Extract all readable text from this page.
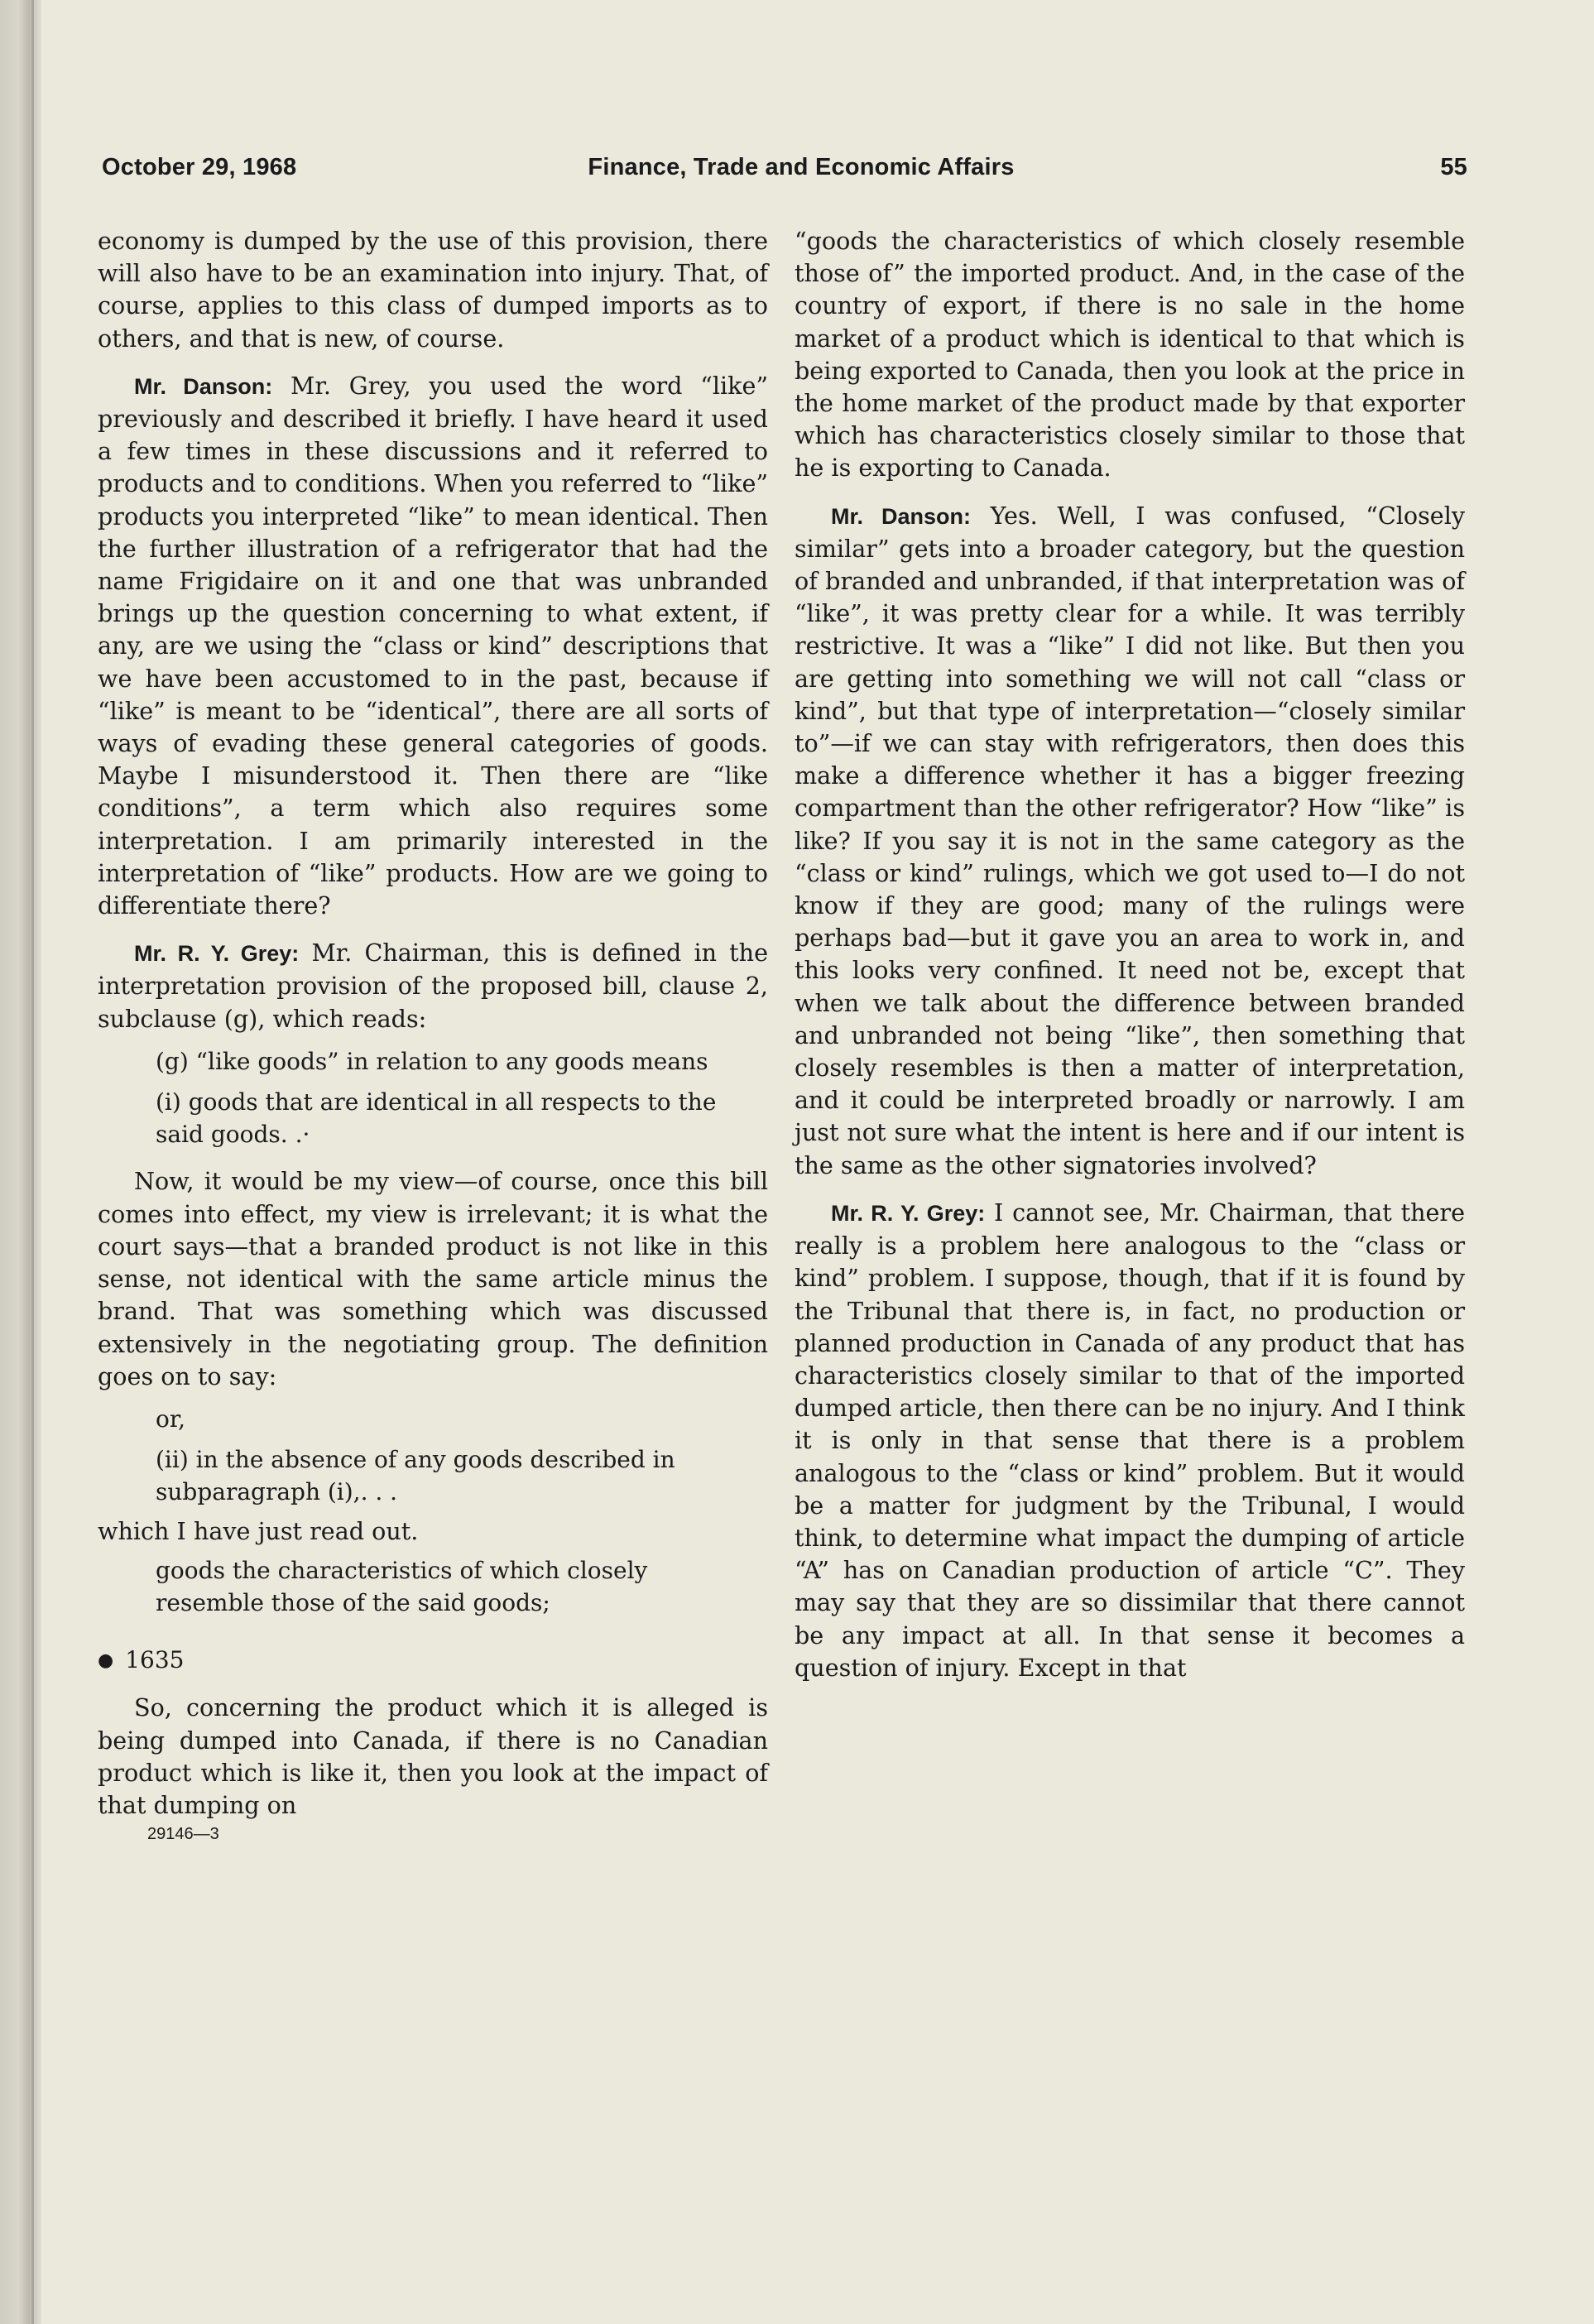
October 29, 1968	Finance, Trade and Economic Affairs	55

economy is dumped by the use of this provision, there will also have to be an examination into injury. That, of course, applies to this class of dumped imports as to others, and that is new, of course.

Mr. Danson: Mr. Grey, you used the word “like” previously and described it briefly. I have heard it used a few times in these discussions and it referred to products and to conditions. When you referred to “like” products you interpreted “like” to mean identical. Then the further illustration of a refrigerator that had the name Frigidaire on it and one that was unbranded brings up the question concerning to what extent, if any, are we using the “class or kind” descriptions that we have been accustomed to in the past, because if “like” is meant to be “identical”, there are all sorts of ways of evading these general categories of goods. Maybe I misunderstood it. Then there are “like conditions”, a term which also requires some interpretation. I am primarily interested in the interpretation of “like” products. How are we going to differentiate there?

Mr. R. Y. Grey: Mr. Chairman, this is defined in the interpretation provision of the proposed bill, clause 2, subclause (g), which reads:

(g) “like goods” in relation to any goods means

(i) goods that are identical in all respects to the said goods. .·

Now, it would be my view—of course, once this bill comes into effect, my view is irrelevant; it is what the court says—that a branded product is not like in this sense, not identical with the same article minus the brand. That was something which was discussed extensively in the negotiating group. The definition goes on to say:

or,

(ii) in the absence of any goods described in subparagraph (i),. . .

which I have just read out.

goods the characteristics of which closely resemble those of the said goods;

● 1635

So, concerning the product which it is alleged is being dumped into Canada, if there is no Canadian product which is like it, then you look at the impact of that dumping on

29146—3

“goods the characteristics of which closely resemble those of” the imported product. And, in the case of the country of export, if there is no sale in the home market of a product which is identical to that which is being exported to Canada, then you look at the price in the home market of the product made by that exporter which has characteristics closely similar to those that he is exporting to Canada.

Mr. Danson: Yes. Well, I was confused, “Closely similar” gets into a broader category, but the question of branded and unbranded, if that interpretation was of “like”, it was pretty clear for a while. It was terribly restrictive. It was a “like” I did not like. But then you are getting into something we will not call “class or kind”, but that type of interpretation—“closely similar to”—if we can stay with refrigerators, then does this make a difference whether it has a bigger freezing compartment than the other refrigerator? How “like” is like? If you say it is not in the same category as the “class or kind” rulings, which we got used to—I do not know if they are good; many of the rulings were perhaps bad—but it gave you an area to work in, and this looks very confined. It need not be, except that when we talk about the difference between branded and unbranded not being “like”, then something that closely resembles is then a matter of interpretation, and it could be interpreted broadly or narrowly. I am just not sure what the intent is here and if our intent is the same as the other signatories involved?

Mr. R. Y. Grey: I cannot see, Mr. Chairman, that there really is a problem here analogous to the “class or kind” problem. I suppose, though, that if it is found by the Tribunal that there is, in fact, no production or planned production in Canada of any product that has characteristics closely similar to that of the imported dumped article, then there can be no injury. And I think it is only in that sense that there is a problem analogous to the “class or kind” problem. But it would be a matter for judgment by the Tribunal, I would think, to determine what impact the dumping of article “A” has on Canadian production of article “C”. They may say that they are so dissimilar that there cannot be any impact at all. In that sense it becomes a question of injury. Except in that
